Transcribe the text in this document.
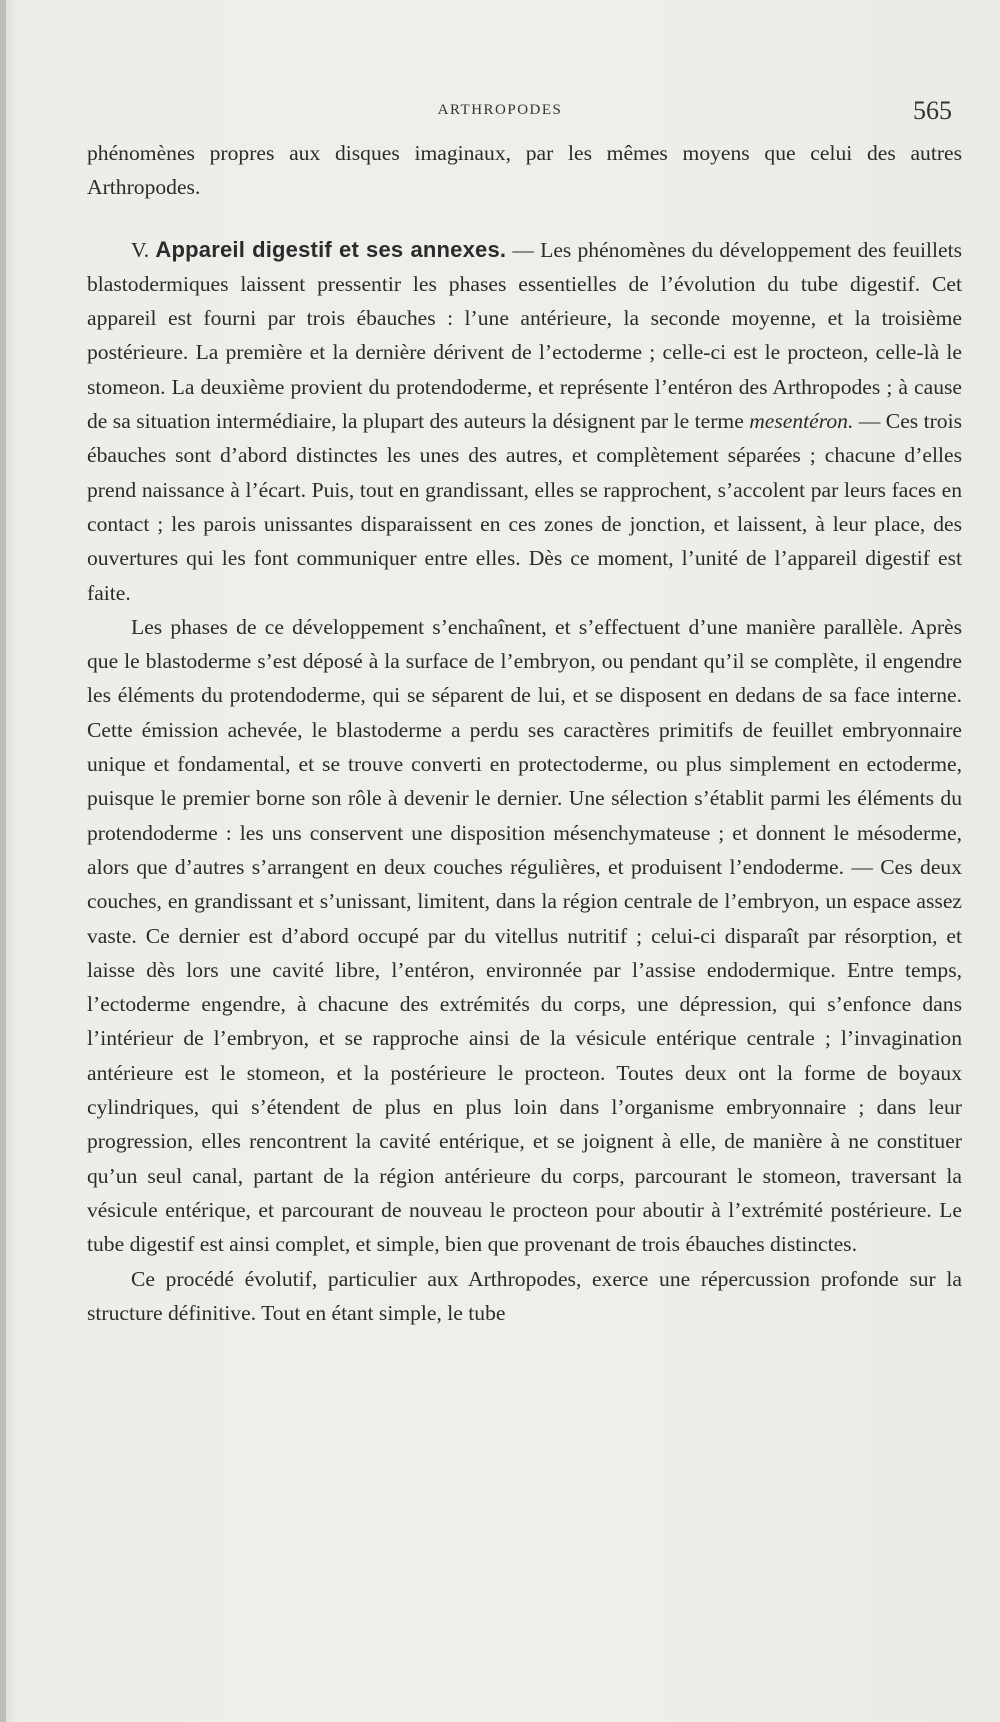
ARTHROPODES	565

phénomènes propres aux disques imaginaux, par les mêmes moyens que celui des autres Arthropodes.

V. Appareil digestif et ses annexes. — Les phénomènes du développement des feuillets blastodermiques laissent pressentir les phases essentielles de l’évolution du tube digestif. Cet appareil est fourni par trois ébauches : l’une antérieure, la seconde moyenne, et la troisième postérieure. La première et la dernière dérivent de l’ectoderme ; celle-ci est le procteon, celle-là le stomeon. La deuxième provient du protendoderme, et représente l’entéron des Arthropodes ; à cause de sa situation intermédiaire, la plupart des auteurs la désignent par le terme mesentéron. — Ces trois ébauches sont d’abord distinctes les unes des autres, et complètement séparées ; chacune d’elles prend naissance à l’écart. Puis, tout en grandissant, elles se rapprochent, s’accolent par leurs faces en contact ; les parois unissantes disparaissent en ces zones de jonction, et laissent, à leur place, des ouvertures qui les font communiquer entre elles. Dès ce moment, l’unité de l’appareil digestif est faite.

Les phases de ce développement s’enchaînent, et s’effectuent d’une manière parallèle. Après que le blastoderme s’est déposé à la surface de l’embryon, ou pendant qu’il se complète, il engendre les éléments du protendoderme, qui se séparent de lui, et se disposent en dedans de sa face interne. Cette émission achevée, le blastoderme a perdu ses caractères primitifs de feuillet embryonnaire unique et fondamental, et se trouve converti en protectoderme, ou plus simplement en ectoderme, puisque le premier borne son rôle à devenir le dernier. Une sélection s’établit parmi les éléments du protendoderme : les uns conservent une disposition mésenchymateuse ; et donnent le mésoderme, alors que d’autres s’arrangent en deux couches régulières, et produisent l’endoderme. — Ces deux couches, en grandissant et s’unissant, limitent, dans la région centrale de l’embryon, un espace assez vaste. Ce dernier est d’abord occupé par du vitellus nutritif ; celui-ci disparaît par résorption, et laisse dès lors une cavité libre, l’entéron, environnée par l’assise endodermique. Entre temps, l’ectoderme engendre, à chacune des extrémités du corps, une dépression, qui s’enfonce dans l’intérieur de l’embryon, et se rapproche ainsi de la vésicule entérique centrale ; l’invagination antérieure est le stomeon, et la postérieure le procteon. Toutes deux ont la forme de boyaux cylindriques, qui s’étendent de plus en plus loin dans l’organisme embryonnaire ; dans leur progression, elles rencontrent la cavité entérique, et se joignent à elle, de manière à ne constituer qu’un seul canal, partant de la région antérieure du corps, parcourant le stomeon, traversant la vésicule entérique, et parcourant de nouveau le procteon pour aboutir à l’extrémité postérieure. Le tube digestif est ainsi complet, et simple, bien que provenant de trois ébauches distinctes.

Ce procédé évolutif, particulier aux Arthropodes, exerce une répercussion profonde sur la structure définitive. Tout en étant simple, le tube
